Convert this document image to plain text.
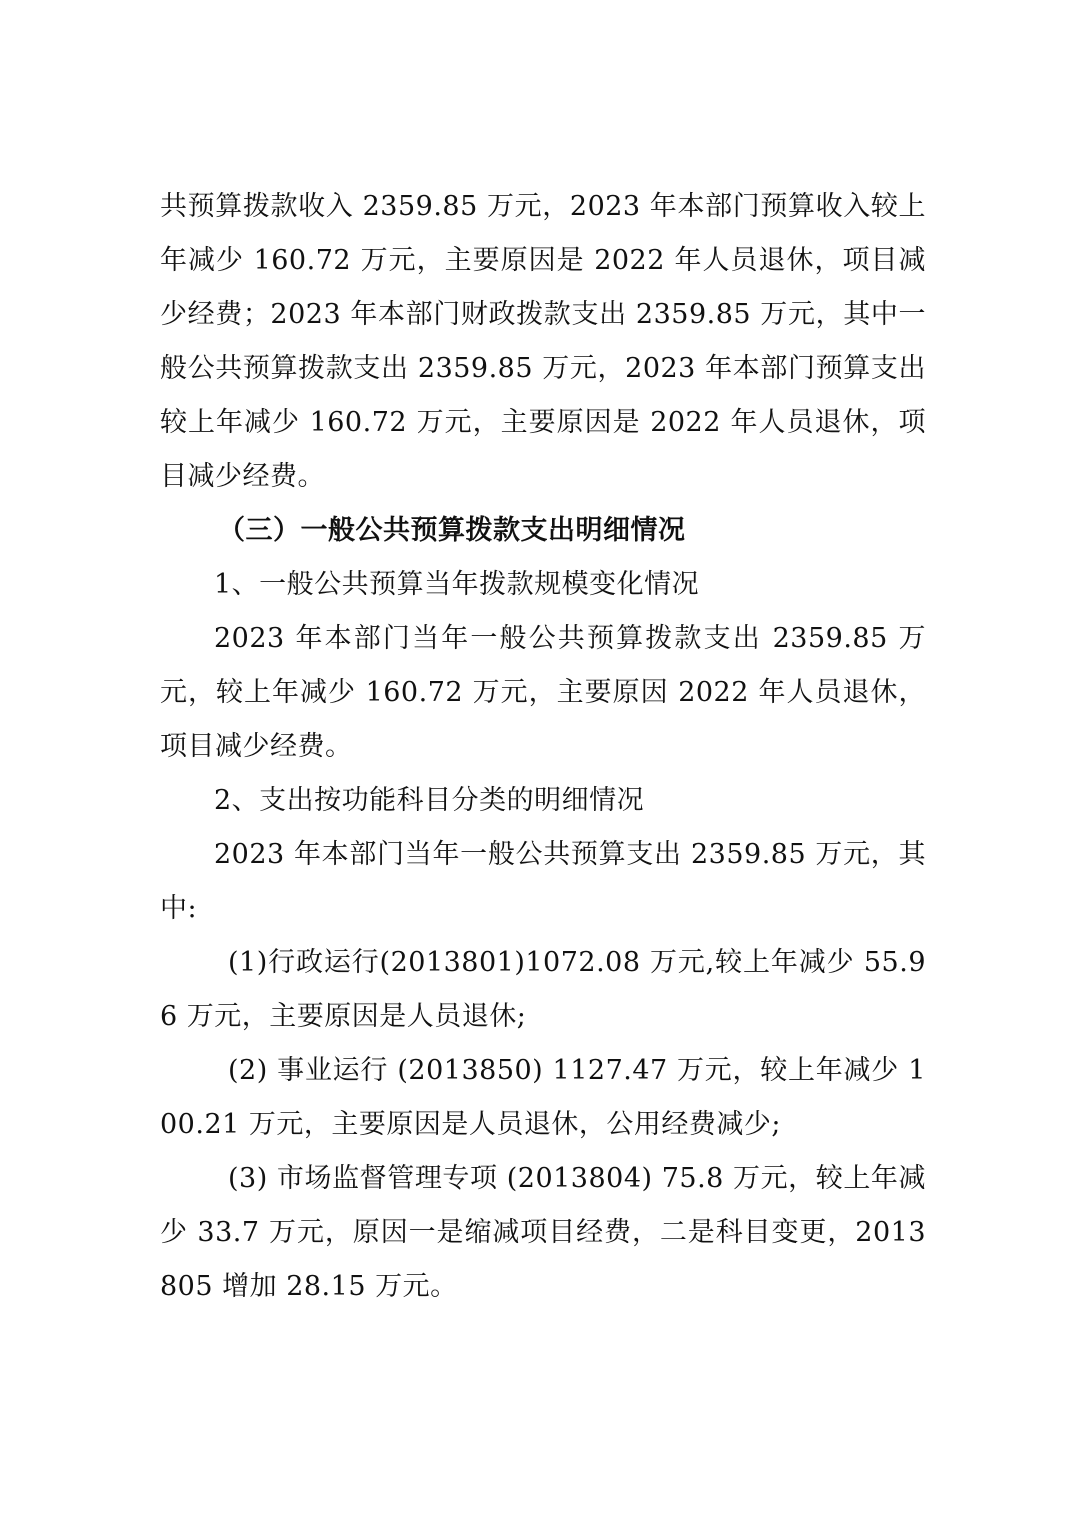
共预算拨款收入 2359.85 万元，2023 年本部门预算收入较上年减少 160.72 万元，主要原因是 2022 年人员退休，项目减少经费；2023 年本部门财政拨款支出 2359.85 万元，其中一般公共预算拨款支出 2359.85 万元，2023 年本部门预算支出较上年减少 160.72 万元，主要原因是 2022 年人员退休，项目减少经费。

（三）一般公共预算拨款支出明细情况

1、一般公共预算当年拨款规模变化情况

2023 年本部门当年一般公共预算拨款支出 2359.85 万元，较上年减少 160.72 万元，主要原因 2022 年人员退休，项目减少经费。

2、支出按功能科目分类的明细情况

2023 年本部门当年一般公共预算支出 2359.85 万元，其中:

(1)行政运行(2013801)1072.08 万元,较上年减少 55.96 万元，主要原因是人员退休;

(2) 事业运行 (2013850) 1127.47 万元，较上年减少 100.21 万元，主要原因是人员退休，公用经费减少;

(3) 市场监督管理专项 (2013804) 75.8 万元，较上年减少 33.7 万元，原因一是缩减项目经费，二是科目变更，2013805 增加 28.15 万元。
